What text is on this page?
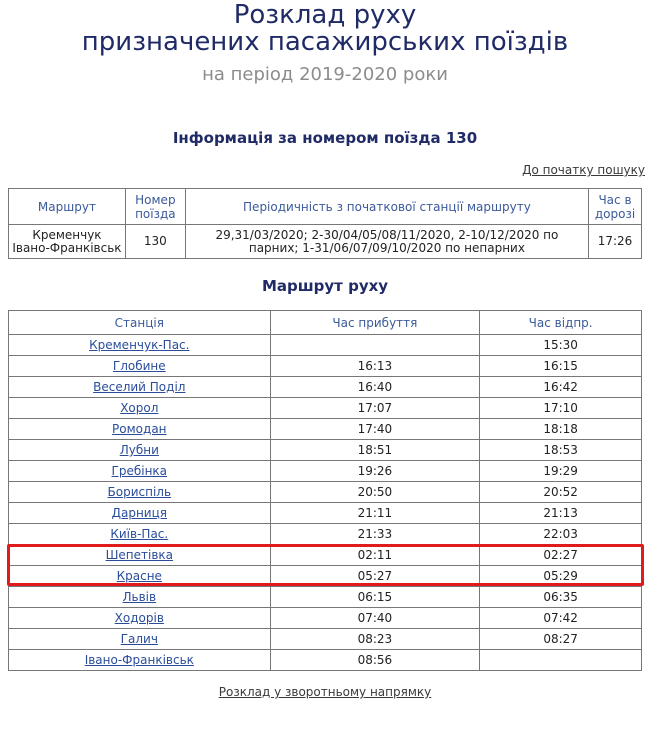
Розклад руху
призначених пасажирських поїздів
на період 2019-2020 роки
Інформація за номером поїзда 130
До початку пошуку
Маршрут	Номер поїзда	Періодичність з початкової станції маршруту	Час в дорозі
Кременчук Івано-Франківськ	130	29,31/03/2020; 2-30/04/05/08/11/2020, 2-10/12/2020 по парних; 1-31/06/07/09/10/2020 по непарних	17:26
Маршрут руху
Станція	Час прибуття	Час відпр.
Кременчук-Пас.		15:30
Глобине	16:13	16:15
Веселий Поділ	16:40	16:42
Хорол	17:07	17:10
Ромодан	17:40	18:18
Лубни	18:51	18:53
Гребінка	19:26	19:29
Бориспіль	20:50	20:52
Дарниця	21:11	21:13
Київ-Пас.	21:33	22:03
Шепетівка	02:11	02:27
Красне	05:27	05:29
Львів	06:15	06:35
Ходорів	07:40	07:42
Галич	08:23	08:27
Івано-Франківськ	08:56	
Розклад у зворотньому напрямку
